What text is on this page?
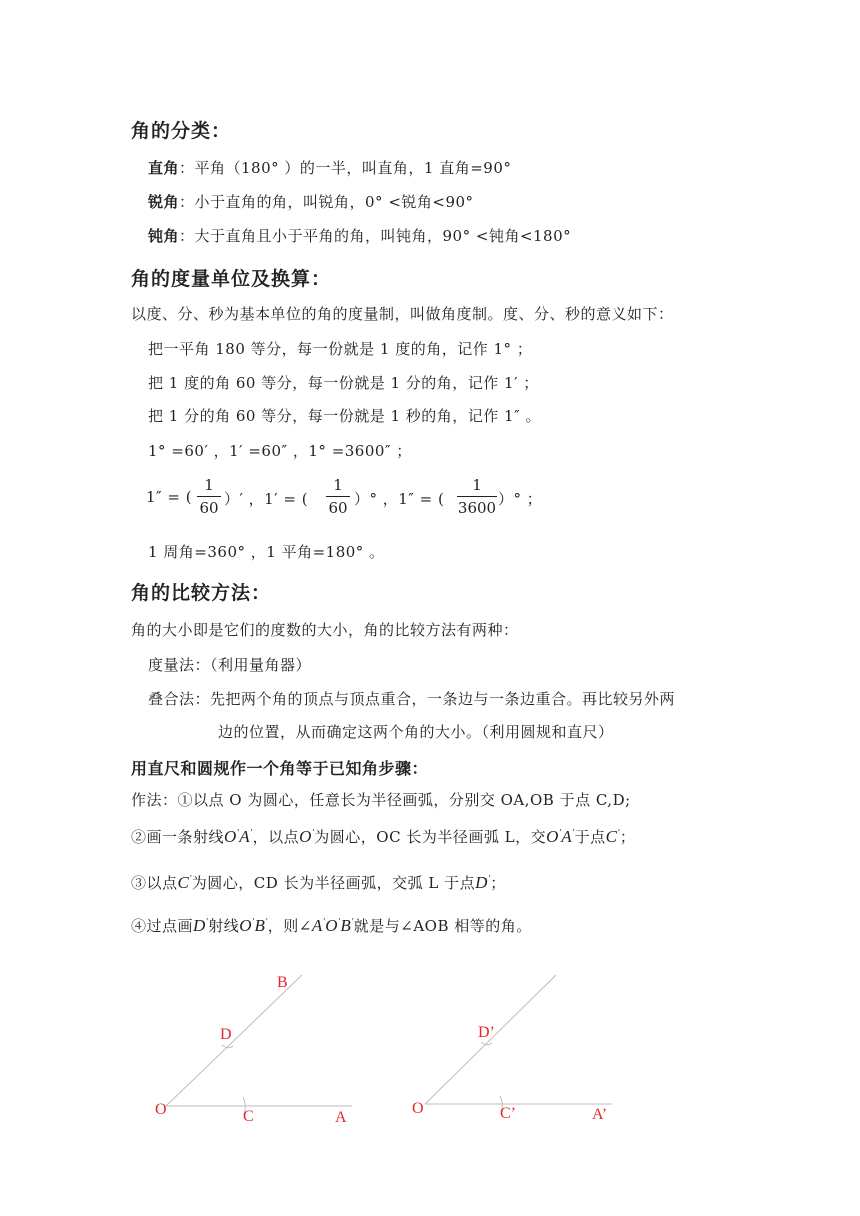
角的分类：
直角：平角（180° ）的一半，叫直角，1 直角=90°
锐角：小于直角的角，叫锐角，0° <锐角<90°
钝角：大于直角且小于平角的角，叫钝角，90° <钝角<180°
角的度量单位及换算：
以度、分、秒为基本单位的角的度量制，叫做角度制。度、分、秒的意义如下：
把一平角 180 等分，每一份就是 1 度的角，记作 1° ；
把 1 度的角 60 等分，每一份就是 1 分的角，记作 1′ ；
把 1 分的角 60 等分，每一份就是 1 秒的角，记作 1″ 。
1° =60′ ，1′ =60″ ，1° =3600″ ；
1″ = (
1
60 ）′ ，1′ = (
1
60 ）° ，1″ = (
1
3600 ）° ；
1 周角=360° ，1 平角=180° 。
角的比较方法：
角的大小即是它们的度数的大小，角的比较方法有两种：
度量法：（利用量角器）
叠合法：先把两个角的顶点与顶点重合，一条边与一条边重合。再比较另外两
边的位置，从而确定这两个角的大小。（利用圆规和直尺）
用直尺和圆规作一个角等于已知角步骤：
作法：①以点 O 为圆心，任意长为半径画弧，分别交 OA,OB 于点 C,D;
②画一条射线O'A'，以点O'为圆心，OC 长为半径画弧 L，交O'A'于点C'；
③以点C'为圆心，CD 长为半径画弧，交弧 L 于点D'；
④过点画D'射线O'B'，则∠A'O'B'就是与∠AOB 相等的角。
O	C	A
D
B
O	C’	A’
D’
